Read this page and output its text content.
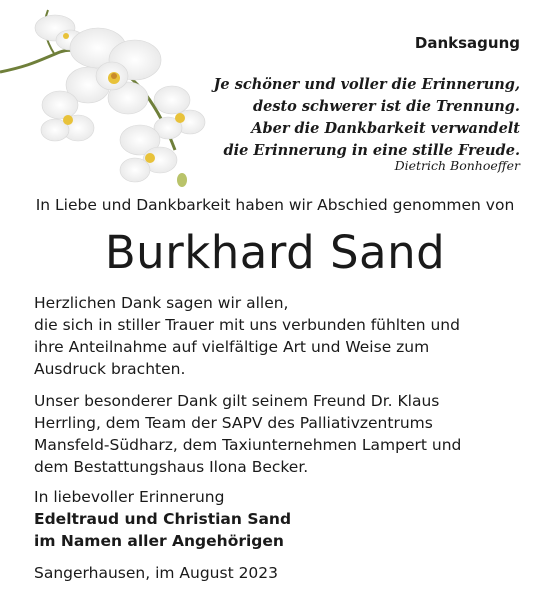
Danksagung
Je schöner und voller die Erinnerung,
desto schwerer ist die Trennung.
Aber die Dankbarkeit verwandelt
die Erinnerung in eine stille Freude.
Dietrich Bonhoeffer
In Liebe und Dankbarkeit haben wir Abschied genommen von
Burkhard Sand
Herzlichen Dank sagen wir allen,
die sich in stiller Trauer mit uns verbunden fühlten und
ihre Anteilnahme auf vielfältige Art und Weise zum
Ausdruck brachten.
Unser besonderer Dank gilt seinem Freund Dr. Klaus
Herrling, dem Team der SAPV des Palliativzentrums
Mansfeld-Südharz, dem Taxiunternehmen Lampert und
dem Bestattungshaus Ilona Becker.
In liebevoller Erinnerung
Edeltraud und Christian Sand
im Namen aller Angehörigen
Sangerhausen, im August 2023
